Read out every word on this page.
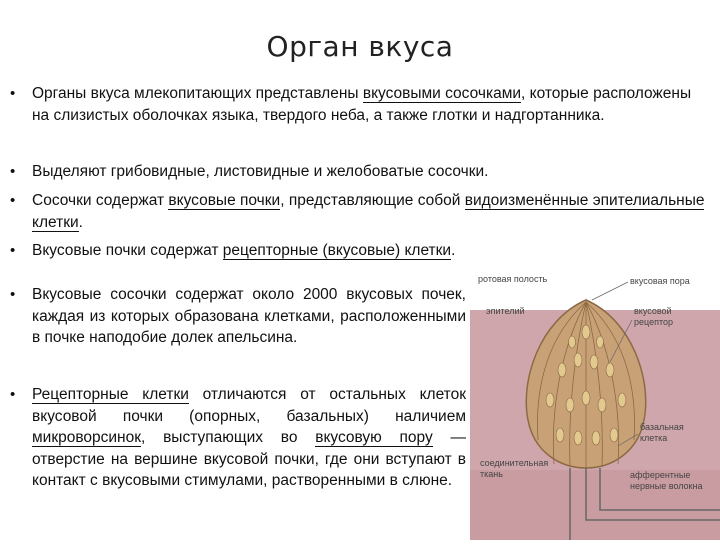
Орган вкуса
• Органы вкуса млекопитающих представлены вкусовыми сосочками, которые расположены на слизистых оболочках языка, твердого неба, а также глотки и надгортанника.
• Выделяют грибовидные, листовидные и желобоватые сосочки.
• Сосочки содержат вкусовые почки, представляющие собой видоизменённые эпителиальные клетки.
• Вкусовые почки содержат рецепторные (вкусовые) клетки.
• Вкусовые сосочки содержат около 2000 вкусовых почек, каждая из которых образована клетками, расположенными в почке наподобие долек апельсина.
• Рецепторные клетки отличаются от остальных клеток вкусовой почки (опорных, базальных) наличием микроворсинок, выступающих во вкусовую пору — отверстие на вершине вкусовой почки, где они вступают в контакт с вкусовыми стимулами, растворенными в слюне.
ротовая полость	вкусовая пора
эпителий	вкусовой
рецептор
базальная
клетка
соединительная
ткань	афферентные
нервные волокна
